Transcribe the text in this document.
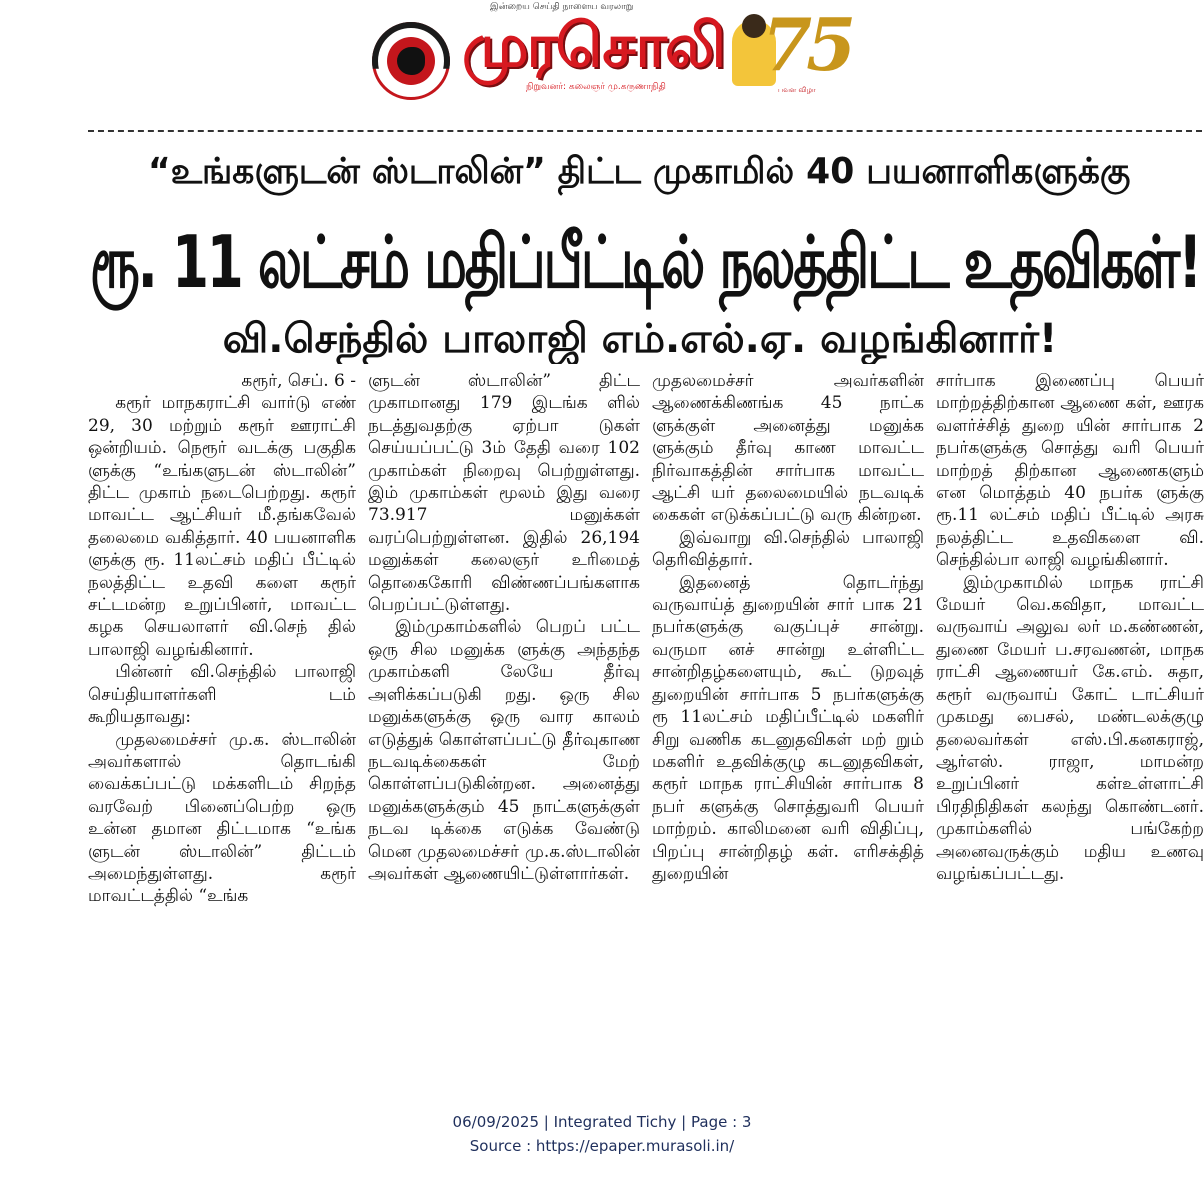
இன்றைய செய்தி நாளைய வரலாறு
முரசொலி
நிறுவனர்: கலைஞர் மு.கருணாநிதி 75
பவள விழா
“உங்களுடன் ஸ்டாலின்” திட்ட முகாமில் 40 பயனாளிகளுக்கு
ரூ. 11 லட்சம் மதிப்பீட்டில் நலத்திட்ட உதவிகள்!
வி.செந்தில் பாலாஜி எம்.எல்.ஏ. வழங்கினார்!

கரூர், செப். 6 -

கரூர் மாநகராட்சி வார்டு எண் 29, 30 மற்றும் கரூர் ஊராட்சி ஒன்றியம். நெரூர் வடக்கு பகுதிக ளுக்கு “உங்களுடன் ஸ்டாலின்” திட்ட முகாம் நடைபெற்றது. கரூர் மாவட்ட ஆட்சியர் மீ.தங்கவேல் தலைமை வகித்தார். 40 பயனாளிக ளுக்கு ரூ. 11லட்சம் மதிப் பீட்டில் நலத்திட்ட உதவி களை கரூர் சட்டமன்ற உறுப்பினர், மாவட்ட கழக செயலாளர் வி.செந் தில் பாலாஜி வழங்கினார்.

பின்னர் வி.செந்தில் பாலாஜி செய்தியாளர்களி டம் கூறியதாவது:

முதலமைச்சர் மு.க. ஸ்டாலின் அவர்களால் தொடங்கி வைக்கப்பட்டு மக்களிடம் சிறந்த வரவேற் பினைப்பெற்ற ஒரு உன்ன தமான திட்டமாக “உங்க ளுடன் ஸ்டாலின்” திட்டம் அமைந்துள்ளது. கரூர் மாவட்டத்தில் “உங்க

ளுடன் ஸ்டாலின்” திட்ட முகாமானது 179 இடங்க ளில் நடத்துவதற்கு ஏற்பா டுகள் செய்யப்பட்டு 3ம் தேதி வரை 102 முகாம்கள் நிறைவு பெற்றுள்ளது. இம் முகாம்கள் மூலம் இது வரை 73.917 மனுக்கள் வரப்பெற்றுள்ளன. இதில் 26,194 மனுக்கள் கலைஞர் உரிமைத் தொகைகோரி விண்ணப்பங்களாக பெறப்பட்டுள்ளது.

இம்முகாம்களில் பெறப் பட்ட ஒரு சில மனுக்க ளுக்கு அந்தந்த முகாம்களி லேயே தீர்வு அளிக்கப்படுகி றது. ஒரு சில மனுக்களுக்கு ஒரு வார காலம் எடுத்துக் கொள்ளப்பட்டு தீர்வுகாண நடவடிக்கைகள் மேற் கொள்ளப்படுகின்றன. அனைத்து மனுக்களுக்கும் 45 நாட்களுக்குள் நடவ டிக்கை எடுக்க வேண்டு மென முதலமைச்சர் மு.க.ஸ்டாலின் அவர்கள் ஆணையிட்டுள்ளார்கள்.

முதலமைச்சர் அவர்களின் ஆணைக்கிணங்க 45 நாட்க ளுக்குள் அனைத்து மனுக்க ளுக்கும் தீர்வு காண மாவட்ட நிர்வாகத்தின் சார்பாக மாவட்ட ஆட்சி யர் தலைமையில் நடவடிக் கைகள் எடுக்கப்பட்டு வரு கின்றன.

இவ்வாறு வி.செந்தில் பாலாஜி தெரிவித்தார்.

இதனைத் தொடர்ந்து வருவாய்த் துறையின் சார் பாக 21 நபர்களுக்கு வகுப்புச் சான்று. வருமா னச் சான்று உள்ளிட்ட சான்றிதழ்களையும், கூட் டுறவுத் துறையின் சார்பாக 5 நபர்களுக்கு ரூ 11லட்சம் மதிப்பீட்டில் மகளிர் சிறு வணிக கடனுதவிகள் மற் றும் மகளிர் உதவிக்குழு கடனுதவிகள், கரூர் மாநக ராட்சியின் சார்பாக 8 நபர் களுக்கு சொத்துவரி பெயர் மாற்றம். காலிமனை வரி விதிப்பு, பிறப்பு சான்றிதழ் கள். எரிசக்தித் துறையின்

சார்பாக இணைப்பு பெயர் மாற்றத்திற்கான ஆணை கள், ஊரக வளர்ச்சித் துறை யின் சார்பாக 2 நபர்களுக்கு சொத்து வரி பெயர் மாற்றத் திற்கான ஆணைகளும் என மொத்தம் 40 நபர்க ளுக்கு ரூ.11 லட்சம் மதிப் பீட்டில் அரசு நலத்திட்ட உதவிகளை வி. செந்தில்பா லாஜி வழங்கினார்.

இம்முகாமில் மாநக ராட்சி மேயர் வெ.கவிதா, மாவட்ட வருவாய் அலுவ லர் ம.கண்ணன், துணை மேயர் ப.சரவணன், மாநக ராட்சி ஆணையர் கே.எம். சுதா, கரூர் வருவாய் கோட் டாட்சியர் முகமது பைசல், மண்டலக்குழு தலைவர்கள் எஸ்.பி.கனகராஜ், ஆர்எஸ். ராஜா, மாமன்ற உறுப்பினர் கள்உள்ளாட்சி பிரதிநிதிகள் கலந்து கொண்டனர். முகாம்களில் பங்கேற்ற அனைவருக்கும் மதிய உணவு வழங்கப்பட்டது.

06/09/2025 | Integrated Tichy | Page : 3
Source : https://epaper.murasoli.in/
